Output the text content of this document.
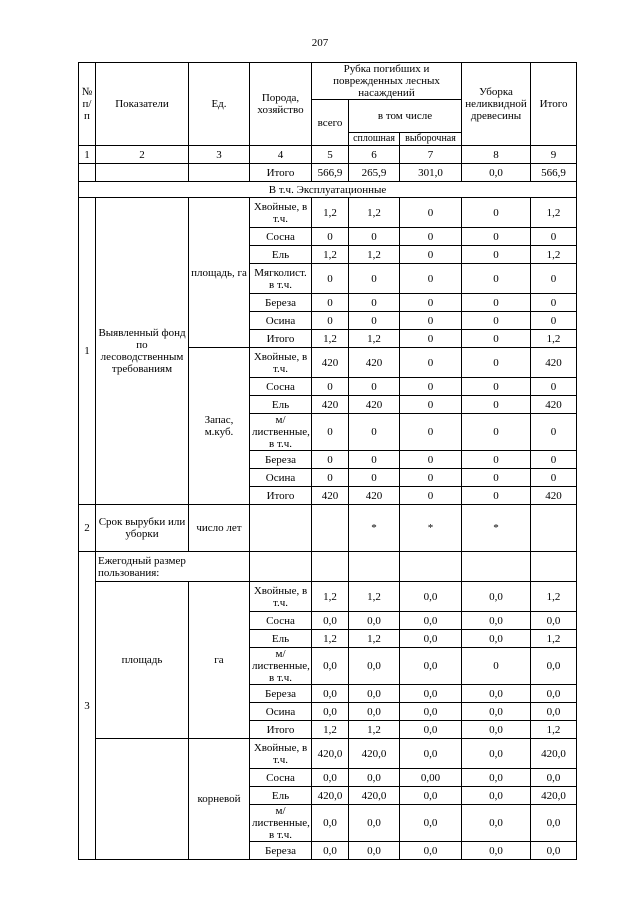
207
№ п/п	Показатели	Ед.	Порода, хозяйство	Рубка погибших и поврежденных лесных насаждений			Уборка неликвидной древесины	Итого
				всего	в том числе			
					сплошная	выборочная		
1	2	3	4	5	6	7	8	9
			Итого	566,9	265,9	301,0	0,0	566,9
В т.ч. Эксплуатационные								
1	Выявленный фонд по лесоводственным требованиям	площадь, га	Хвойные, в т.ч.	1,2	1,2	0	0	1,2
			Сосна	0	0	0	0	0
			Ель	1,2	1,2	0	0	1,2
			Мягколист. в т.ч.	0	0	0	0	0
			Береза	0	0	0	0	0
			Осина	0	0	0	0	0
			Итого	1,2	1,2	0	0	1,2
		Запас, м.куб.	Хвойные, в т.ч.	420	420	0	0	420
			Сосна	0	0	0	0	0
			Ель	420	420	0	0	420
			м/лиственные, в т.ч.	0	0	0	0	0
			Береза	0	0	0	0	0
			Осина	0	0	0	0	0
			Итого	420	420	0	0	420
2	Срок вырубки или уборки	число лет			*	*	*	
3	Ежегодный размер пользования:							
	площадь	га	Хвойные, в т.ч.	1,2	1,2	0,0	0,0	1,2
			Сосна	0,0	0,0	0,0	0,0	0,0
			Ель	1,2	1,2	0,0	0,0	1,2
			м/лиственные, в т.ч.	0,0	0,0	0,0	0	0,0
			Береза	0,0	0,0	0,0	0,0	0,0
			Осина	0,0	0,0	0,0	0,0	0,0
			Итого	1,2	1,2	0,0	0,0	1,2
		корневой	Хвойные, в т.ч.	420,0	420,0	0,0	0,0	420,0
			Сосна	0,0	0,0	0,00	0,0	0,0
			Ель	420,0	420,0	0,0	0,0	420,0
			м/лиственные, в т.ч.	0,0	0,0	0,0	0,0	0,0
			Береза	0,0	0,0	0,0	0,0	0,0
